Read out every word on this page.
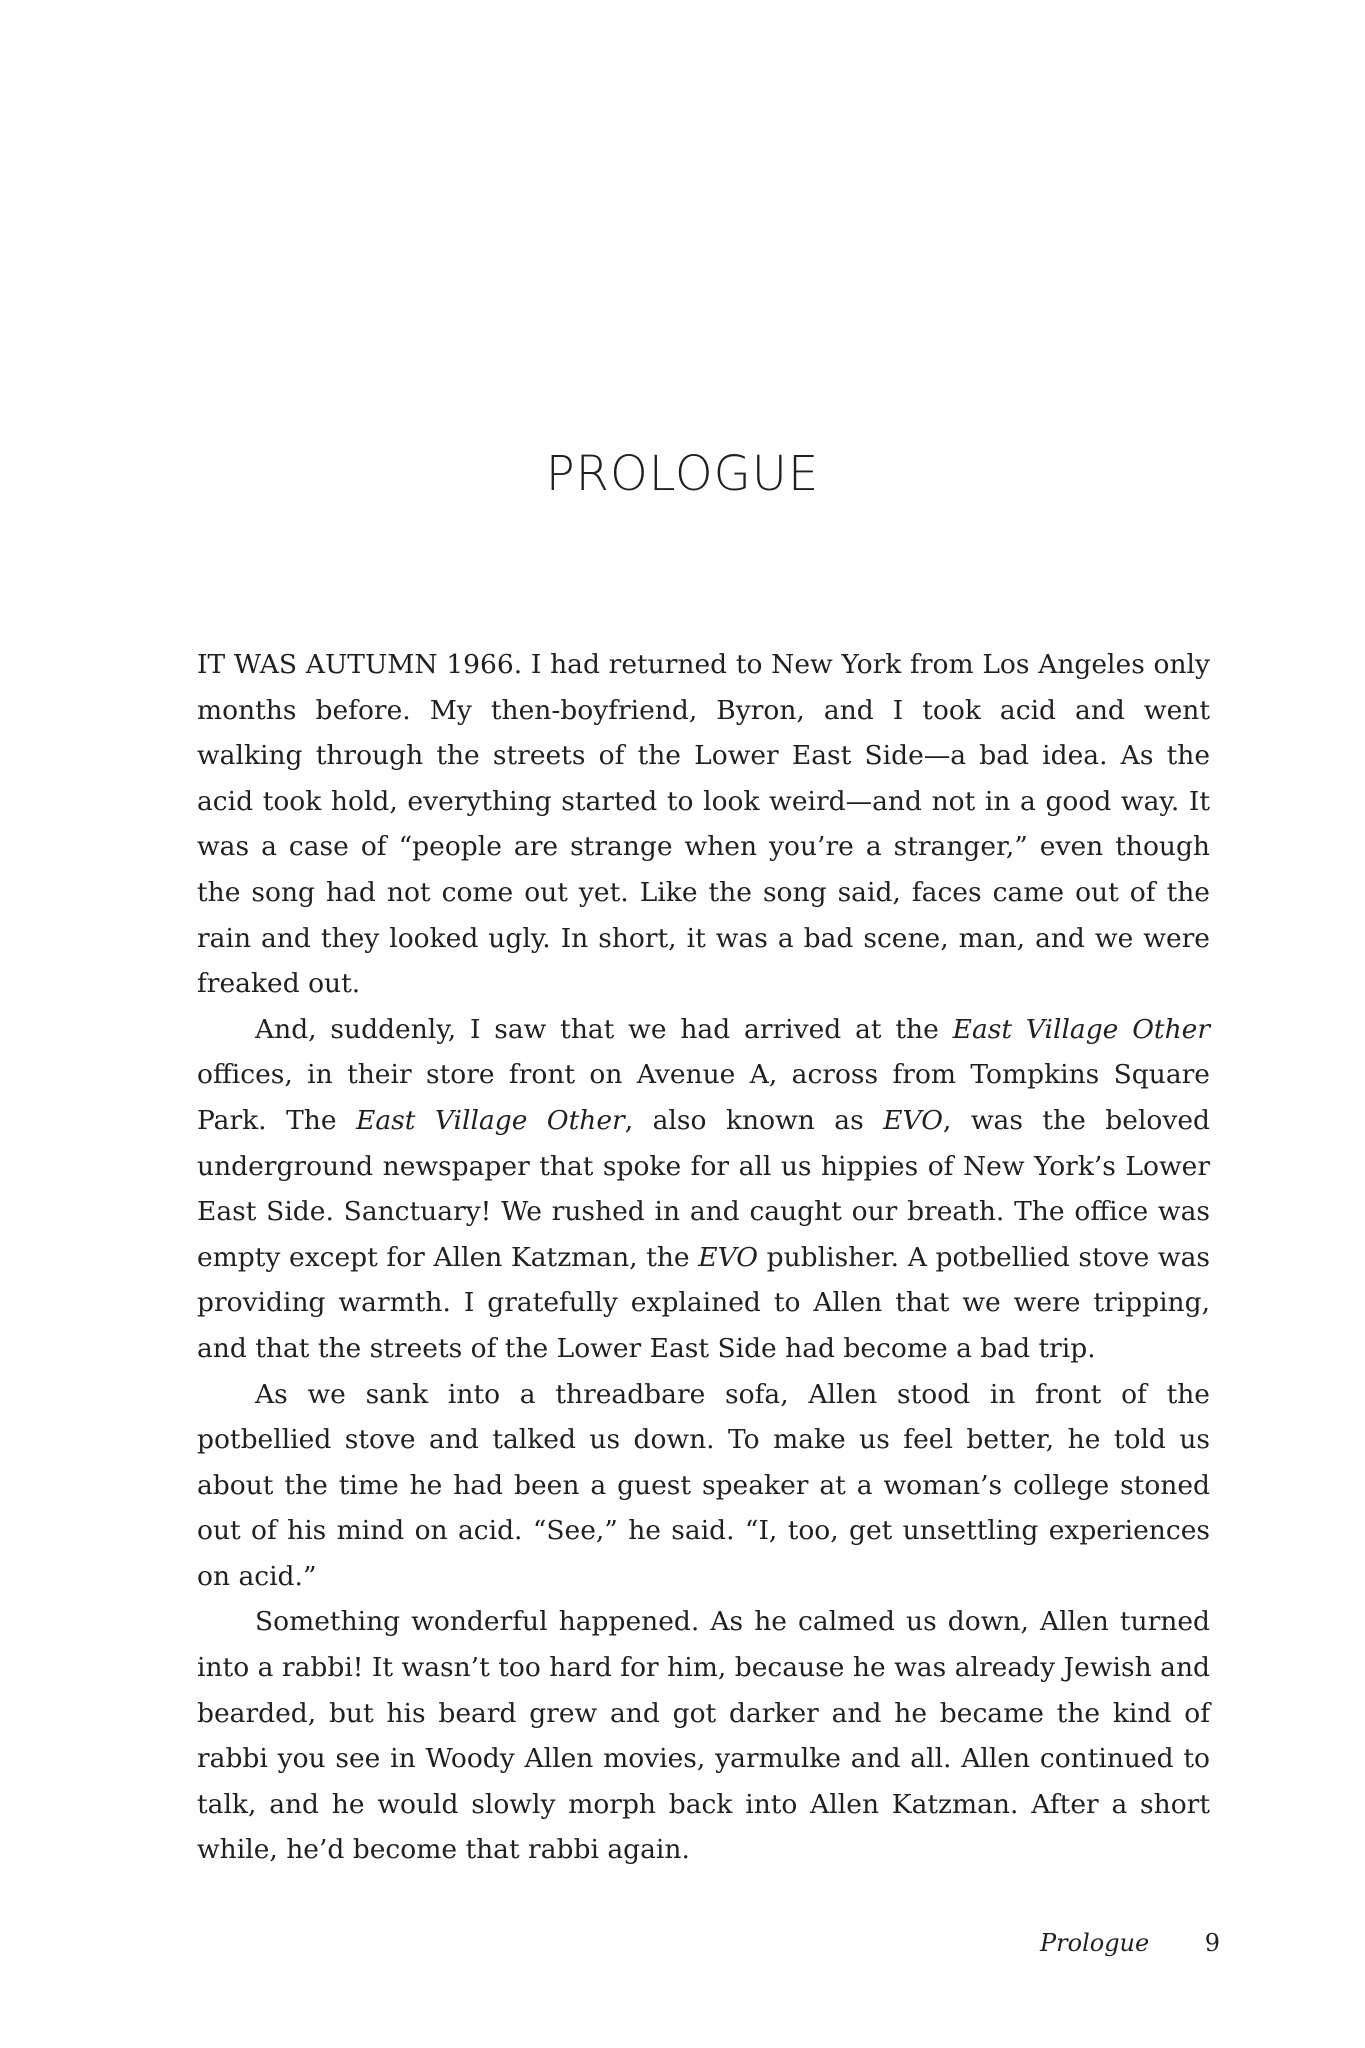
PROLOGUE

IT WAS AUTUMN 1966. I had returned to New York from Los Angeles only months before. My then-boyfriend, Byron, and I took acid and went walking through the streets of the Lower East Side—a bad idea. As the acid took hold, everything started to look weird—and not in a good way. It was a case of “people are strange when you’re a stranger,” even though the song had not come out yet. Like the song said, faces came out of the rain and they looked ugly. In short, it was a bad scene, man, and we were freaked out.

And, suddenly, I saw that we had arrived at the East Village Other offices, in their store front on Avenue A, across from Tompkins Square Park. The East Village Other, also known as EVO, was the beloved underground newspaper that spoke for all us hippies of New York’s Lower East Side. Sanctuary! We rushed in and caught our breath. The office was empty except for Allen Katzman, the EVO publisher. A potbellied stove was providing warmth. I gratefully explained to Allen that we were tripping, and that the streets of the Lower East Side had become a bad trip.

As we sank into a threadbare sofa, Allen stood in front of the potbellied stove and talked us down. To make us feel better, he told us about the time he had been a guest speaker at a woman’s college stoned out of his mind on acid. “See,” he said. “I, too, get unsettling experiences on acid.”

Something wonderful happened. As he calmed us down, Allen turned into a rabbi! It wasn’t too hard for him, because he was already Jewish and bearded, but his beard grew and got darker and he became the kind of rabbi you see in Woody Allen movies, yarmulke and all. Allen continued to talk, and he would slowly morph back into Allen Katzman. After a short while, he’d become that rabbi again.

Prologue 9
